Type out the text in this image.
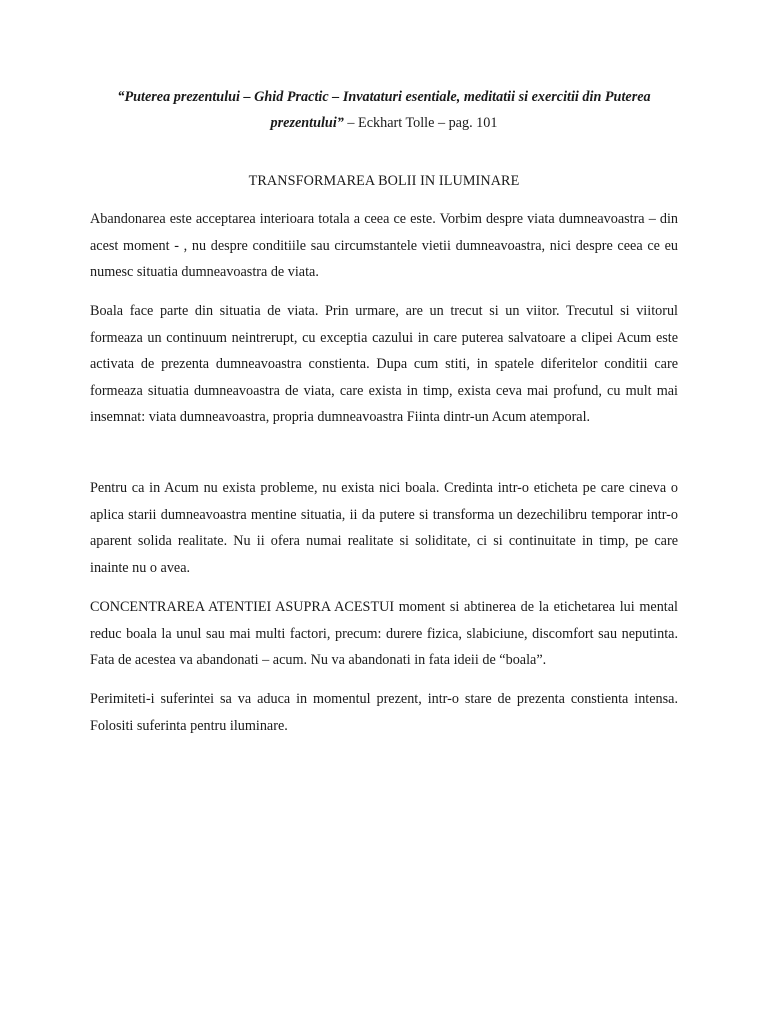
“Puterea prezentului – Ghid Practic – Invataturi esentiale, meditatii si exercitii din Puterea prezentului” – Eckhart Tolle – pag. 101

TRANSFORMAREA BOLII IN ILUMINARE

Abandonarea este acceptarea interioara totala a ceea ce este. Vorbim despre viata dumneavoastra – din acest moment - , nu despre conditiile sau circumstantele vietii dumneavoastra, nici despre ceea ce eu numesc situatia dumneavoastra de viata.

Boala face parte din situatia de viata. Prin urmare, are un trecut si un viitor. Trecutul si viitorul formeaza un continuum neintrerupt, cu exceptia cazului in care puterea salvatoare a clipei Acum este activata de prezenta dumneavoastra constienta. Dupa cum stiti, in spatele diferitelor conditii care formeaza situatia dumneavoastra de viata, care exista in timp, exista ceva mai profund, cu mult mai insemnat: viata dumneavoastra, propria dumneavoastra Fiinta dintr-un Acum atemporal.

Pentru ca in Acum nu exista probleme, nu exista nici boala. Credinta intr-o eticheta pe care cineva o aplica starii dumneavoastra mentine situatia, ii da putere si transforma un dezechilibru temporar intr-o aparent solida realitate. Nu ii ofera numai realitate si soliditate, ci si continuitate in timp, pe care inainte nu o avea.

CONCENTRAREA ATENTIEI ASUPRA ACESTUI moment si abtinerea de la etichetarea lui mental reduc boala la unul sau mai multi factori, precum: durere fizica, slabiciune, discomfort sau neputinta. Fata de acestea va abandonati – acum. Nu va abandonati in fata ideii de “boala”.

Perimiteti-i suferintei sa va aduca in momentul prezent, intr-o stare de prezenta constienta intensa. Folositi suferinta pentru iluminare.
